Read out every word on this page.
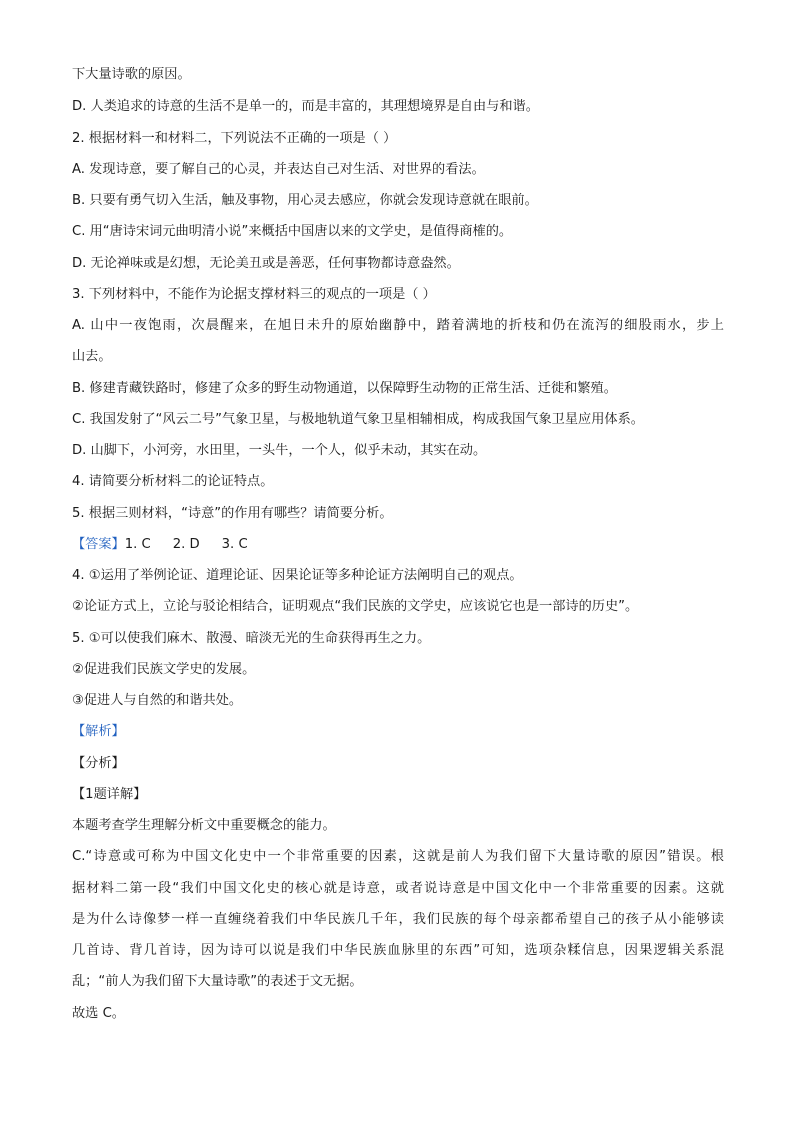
下大量诗歌的原因。
D. 人类追求的诗意的生活不是单一的，而是丰富的，其理想境界是自由与和谐。
2. 根据材料一和材料二，下列说法不正确的一项是（ ）
A. 发现诗意，要了解自己的心灵，并表达自己对生活、对世界的看法。
B. 只要有勇气切入生活，触及事物，用心灵去感应，你就会发现诗意就在眼前。
C. 用“唐诗宋词元曲明清小说”来概括中国唐以来的文学史，是值得商榷的。
D. 无论禅味或是幻想，无论美丑或是善恶，任何事物都诗意盎然。
3. 下列材料中，不能作为论据支撑材料三的观点的一项是（ ）
A. 山中一夜饱雨，次晨醒来，在旭日未升的原始幽静中，踏着满地的折枝和仍在流泻的细股雨水，步上
山去。
B. 修建青藏铁路时，修建了众多的野生动物通道，以保障野生动物的正常生活、迁徙和繁殖。
C. 我国发射了“风云二号”气象卫星，与极地轨道气象卫星相辅相成，构成我国气象卫星应用体系。
D. 山脚下，小河旁，水田里，一头牛，一个人，似乎未动，其实在动。
4. 请简要分析材料二的论证特点。
5. 根据三则材料，“诗意”的作用有哪些？请简要分析。
【答案】1. C 2. D 3. C
4. ①运用了举例论证、道理论证、因果论证等多种论证方法阐明自己的观点。
②论证方式上，立论与驳论相结合，证明观点“我们民族的文学史，应该说它也是一部诗的历史”。
5. ①可以使我们麻木、散漫、暗淡无光的生命获得再生之力。
②促进我们民族文学史的发展。
③促进人与自然的和谐共处。
【解析】
【分析】
【1题详解】
本题考查学生理解分析文中重要概念的能力。
C.“诗意或可称为中国文化史中一个非常重要的因素，这就是前人为我们留下大量诗歌的原因”错误。根
据材料二第一段“我们中国文化史的核心就是诗意，或者说诗意是中国文化中一个非常重要的因素。这就
是为什么诗像梦一样一直缠绕着我们中华民族几千年，我们民族的每个母亲都希望自己的孩子从小能够读
几首诗、背几首诗，因为诗可以说是我们中华民族血脉里的东西”可知，选项杂糅信息，因果逻辑关系混
乱；“前人为我们留下大量诗歌”的表述于文无据。
故选 C。
